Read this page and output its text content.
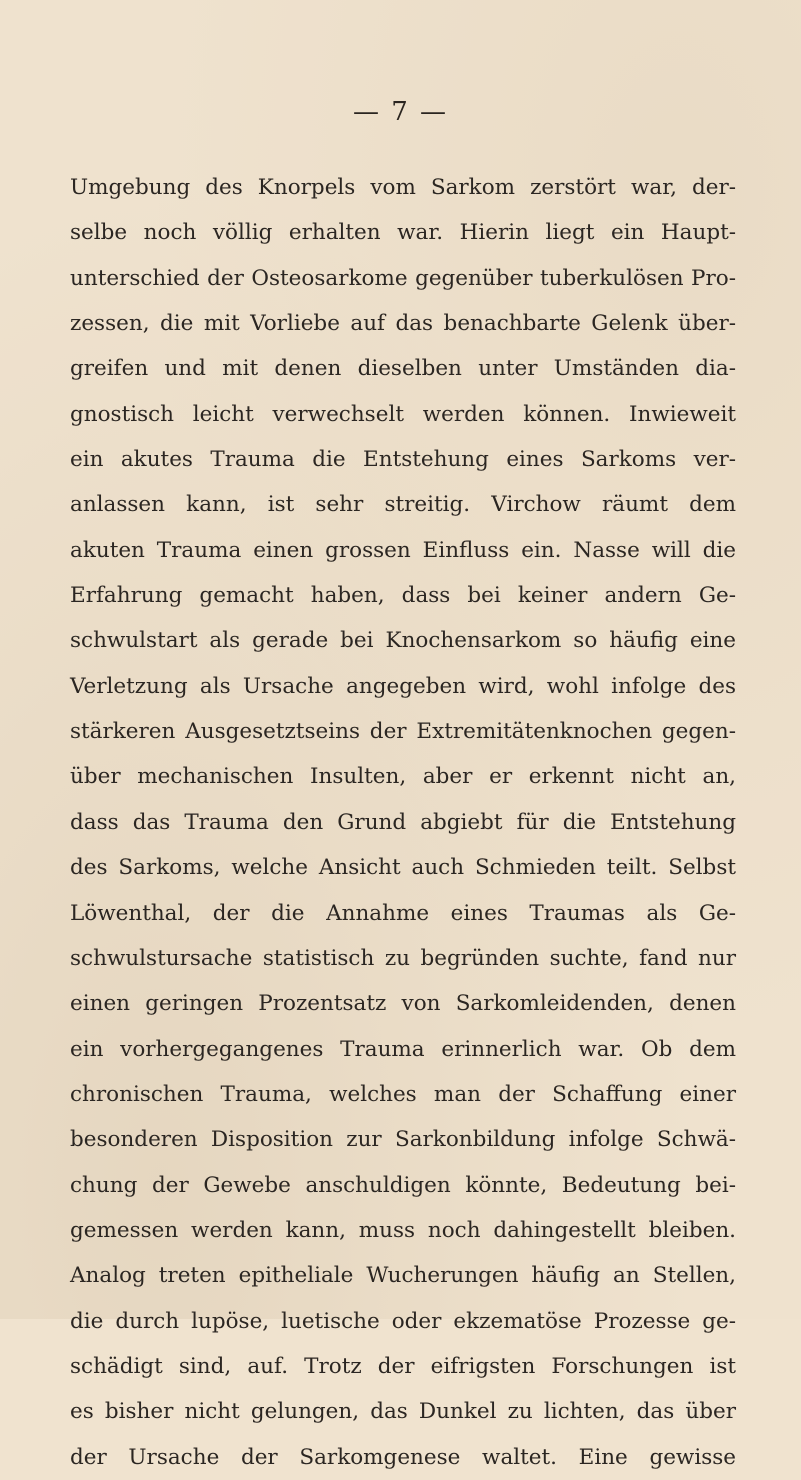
— 7 —
Umgebung des Knorpels vom Sarkom zerstört war, der-
selbe noch völlig erhalten war. Hierin liegt ein Haupt-
unterschied der Osteosarkome gegenüber tuberkulösen Pro-
zessen, die mit Vorliebe auf das benachbarte Gelenk über-
greifen und mit denen dieselben unter Umständen dia-
gnostisch leicht verwechselt werden können. Inwieweit
ein akutes Trauma die Entstehung eines Sarkoms ver-
anlassen kann, ist sehr streitig. Virchow räumt dem
akuten Trauma einen grossen Einfluss ein. Nasse will die
Erfahrung gemacht haben, dass bei keiner andern Ge-
schwulstart als gerade bei Knochensarkom so häufig eine
Verletzung als Ursache angegeben wird, wohl infolge des
stärkeren Ausgesetztseins der Extremitätenknochen gegen-
über mechanischen Insulten, aber er erkennt nicht an,
dass das Trauma den Grund abgiebt für die Entstehung
des Sarkoms, welche Ansicht auch Schmieden teilt. Selbst
Löwenthal, der die Annahme eines Traumas als Ge-
schwulstursache statistisch zu begründen suchte, fand nur
einen geringen Prozentsatz von Sarkomleidenden, denen
ein vorhergegangenes Trauma erinnerlich war. Ob dem
chronischen Trauma, welches man der Schaffung einer
besonderen Disposition zur Sarkonbildung infolge Schwä-
chung der Gewebe anschuldigen könnte, Bedeutung bei-
gemessen werden kann, muss noch dahingestellt bleiben.
Analog treten epitheliale Wucherungen häufig an Stellen,
die durch lupöse, luetische oder ekzematöse Prozesse ge-
schädigt sind, auf. Trotz der eifrigsten Forschungen ist
es bisher nicht gelungen, das Dunkel zu lichten, das über
der Ursache der Sarkomgenese waltet. Eine gewisse
